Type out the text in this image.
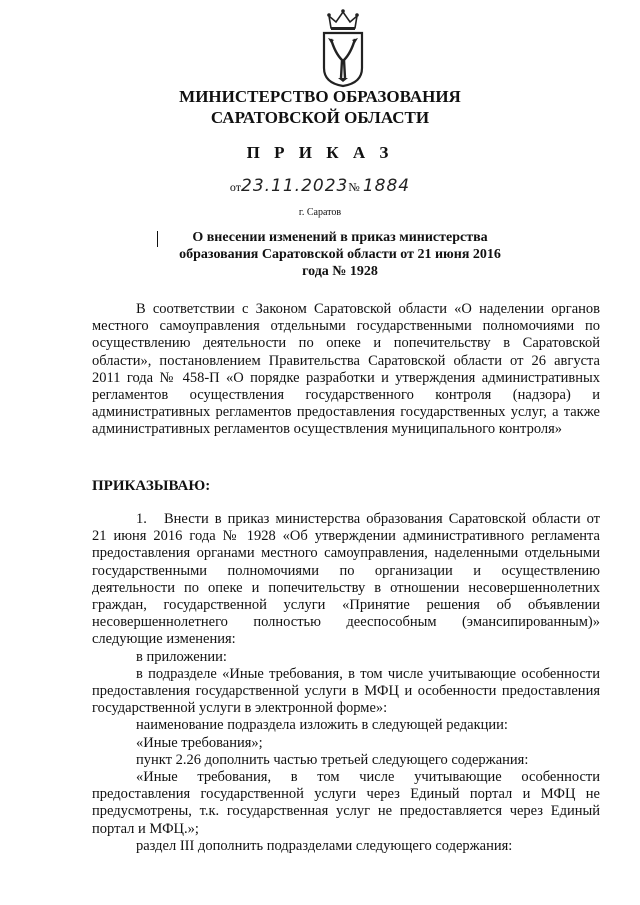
МИНИСТЕРСТВО ОБРАЗОВАНИЯ
САРАТОВСКОЙ ОБЛАСТИ
П Р И К А З
от23.11.2023№ 1884
г. Саратов
О внесении изменений в приказ министерства
образования Саратовской области от 21 июня 2016
года № 1928

В соответствии с Законом Саратовской области «О наделении органов местного самоуправления отдельными государственными полномочиями по осуществлению деятельности по опеке и попечительству в Саратовской области», постановлением Правительства Саратовской области от 26 августа 2011 года № 458-П «О порядке разработки и утверждения административных регламентов осуществления государственного контроля (надзора) и административных регламентов предоставления государственных услуг, а также административных регламентов осуществления муниципального контроля»

ПРИКАЗЫВАЮ:

1. Внести в приказ министерства образования Саратовской области от 21 июня 2016 года № 1928 «Об утверждении административного регламента предоставления органами местного самоуправления, наделенными отдельными государственными полномочиями по организации и осуществлению деятельности по опеке и попечительству в отношении несовершеннолетних граждан, государственной услуги «Принятие решения об объявлении несовершеннолетнего полностью дееспособным (эмансипированным)» следующие изменения:

в приложении:

в подразделе «Иные требования, в том числе учитывающие особенности предоставления государственной услуги в МФЦ и особенности предоставления государственной услуги в электронной форме»:

наименование подраздела изложить в следующей редакции:

«Иные требования»;

пункт 2.26 дополнить частью третьей следующего содержания:

«Иные требования, в том числе учитывающие особенности предоставления государственной услуги через Единый портал и МФЦ не предусмотрены, т.к. государственная услуг не предоставляется через Единый портал и МФЦ.»;

раздел III дополнить подразделами следующего содержания:
